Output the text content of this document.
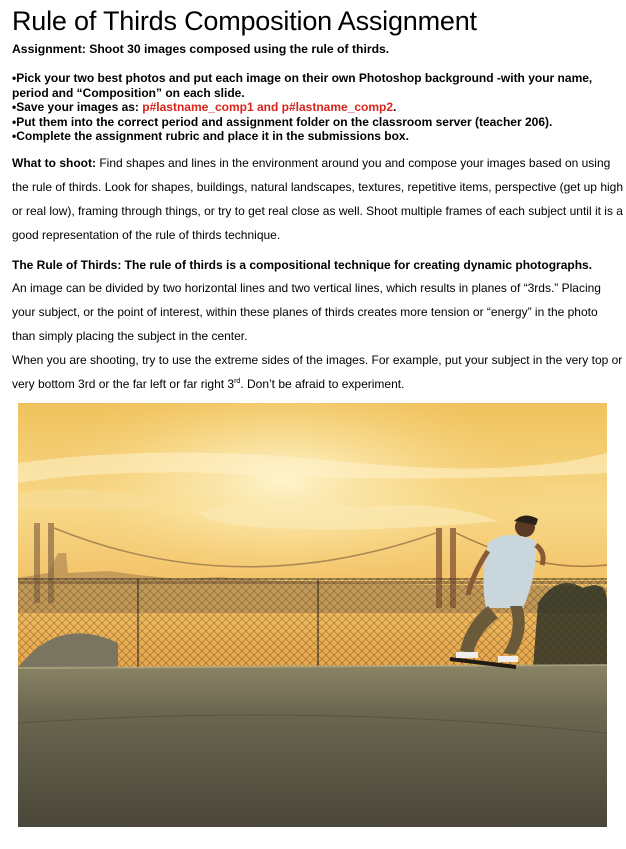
Rule of Thirds Composition Assignment
Assignment: Shoot 30 images composed using the rule of thirds.

•Pick your two best photos and put each image on their own Photoshop background -with your name,
period and “Composition” on each slide.

•Save your images as: p#lastname_comp1 and p#lastname_comp2.

•Put them into the correct period and assignment folder on the classroom server (teacher 206).

•Complete the assignment rubric and place it in the submissions box.

What to shoot: Find shapes and lines in the environment around you and compose your images based on using the rule of thirds. Look for shapes, buildings, natural landscapes, textures, repetitive items, perspective (get up high or real low), framing through things, or try to get real close as well. Shoot multiple frames of each subject until it is a good representation of the rule of thirds technique.
The Rule of Thirds: The rule of thirds is a compositional technique for creating dynamic photographs.
An image can be divided by two horizontal lines and two vertical lines, which results in planes of “3rds.” Placing your subject, or the point of interest, within these planes of thirds creates more tension or “energy” in the photo than simply placing the subject in the center.
When you are shooting, try to use the extreme sides of the images. For example, put your subject in the very top or very bottom 3rd or the far left or far right 3rd. Don’t be afraid to experiment.
